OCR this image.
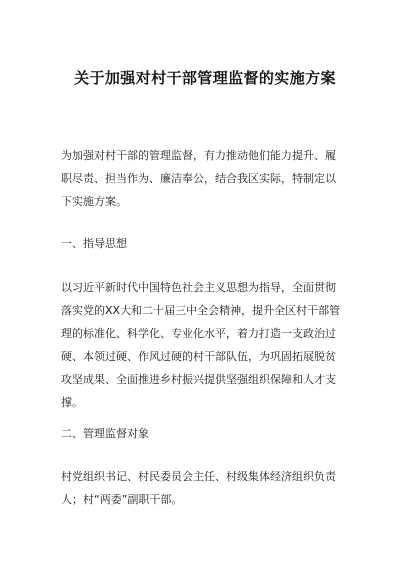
关于加强对村干部管理监督的实施方案
为加强对村干部的管理监督，有力推动他们能力提升、履
职尽责、担当作为、廉洁奉公，结合我区实际，特制定以
下实施方案。
一、指导思想
以习近平新时代中国特色社会主义思想为指导，全面贯彻
落实党的XX大和二十届三中全会精神，提升全区村干部管
理的标准化、科学化、专业化水平，着力打造一支政治过
硬、本领过硬、作风过硬的村干部队伍，为巩固拓展脱贫
攻坚成果、全面推进乡村振兴提供坚强组织保障和人才支
撑。
二、管理监督对象
村党组织书记、村民委员会主任、村级集体经济组织负责
人；村“两委”副职干部。
